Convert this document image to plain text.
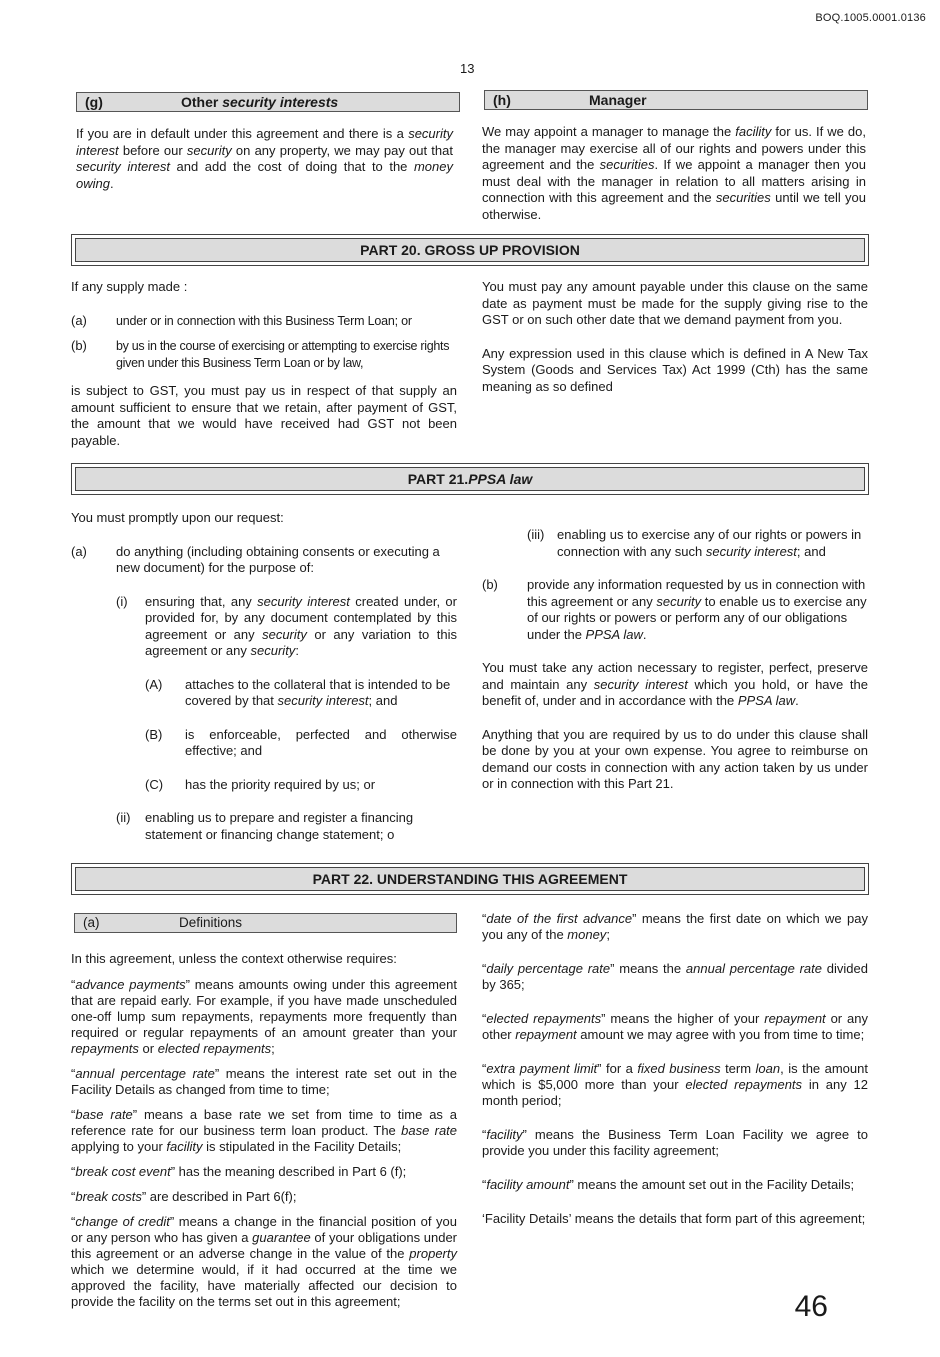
BOQ.1005.0001.0136
13
(g)	Other security interests

If you are in default under this agreement and there is a security interest before our security on any property, we may pay out that security interest and add the cost of doing that to the money owing.

(h)	Manager

We may appoint a manager to manage the facility for us. If we do, the manager may exercise all of our rights and powers under this agreement and the securities. If we appoint a manager then you must deal with the manager in relation to all matters arising in connection with this agreement and the securities until we tell you otherwise.

PART 20. GROSS UP PROVISION

If any supply made :

(a)	under or in connection with this Business Term Loan; or
(b)	by us in the course of exercising or attempting to exercise rights given under this Business Term Loan or by law,

is subject to GST, you must pay us in respect of that supply an amount sufficient to ensure that we retain, after payment of GST, the amount that we would have received had GST not been payable.

You must pay any amount payable under this clause on the same date as payment must be made for the supply giving rise to the GST or on such other date that we demand payment from you.

Any expression used in this clause which is defined in A New Tax System (Goods and Services Tax) Act 1999 (Cth) has the same meaning as so defined

PART 21. PPSA law

You must promptly upon our request:

(a)	do anything (including obtaining consents or executing a new document) for the purpose of:
(i)	ensuring that, any security interest created under, or provided for, by any document contemplated by this agreement or any security or any variation to this agreement or any security:
(A)	attaches to the collateral that is intended to be covered by that security interest; and
(B)	is enforceable, perfected and otherwise effective; and
(C)	has the priority required by us; or
(ii)	enabling us to prepare and register a financing statement or financing change statement; o
(iii) enabling us to exercise any of our rights or powers in connection with any such security interest; and
(b)	provide any information requested by us in connection with this agreement or any security to enable us to exercise any of our rights or powers or perform any of our obligations under the PPSA law.

You must take any action necessary to register, perfect, preserve and maintain any security interest which you hold, or have the benefit of, under and in accordance with the PPSA law.

Anything that you are required by us to do under this clause shall be done by you at your own expense. You agree to reimburse on demand our costs in connection with any action taken by us under or in connection with this Part 21.

PART 22. UNDERSTANDING THIS AGREEMENT
(a)	Definitions

In this agreement, unless the context otherwise requires:

“advance payments” means amounts owing under this agreement that are repaid early. For example, if you have made unscheduled one-off lump sum repayments, repayments more frequently than required or regular repayments of an amount greater than your repayments or elected repayments;

“annual percentage rate” means the interest rate set out in the Facility Details as changed from time to time;

“base rate” means a base rate we set from time to time as a reference rate for our business term loan product. The base rate applying to your facility is stipulated in the Facility Details;

“break cost event” has the meaning described in Part 6 (f);

“break costs” are described in Part 6(f);

“change of credit” means a change in the financial position of you or any person who has given a guarantee of your obligations under this agreement or an adverse change in the value of the property which we determine would, if it had occurred at the time we approved the facility, have materially affected our decision to provide the facility on the terms set out in this agreement;

“date of the first advance” means the first date on which we pay you any of the money;

“daily percentage rate” means the annual percentage rate divided by 365;

“elected repayments” means the higher of your repayment or any other repayment amount we may agree with you from time to time;

“extra payment limit” for a fixed business term loan, is the amount which is $5,000 more than your elected repayments in any 12 month period;

“facility” means the Business Term Loan Facility we agree to provide you under this facility agreement;

“facility amount” means the amount set out in the Facility Details;

‘Facility Details’ means the details that form part of this agreement;

46
